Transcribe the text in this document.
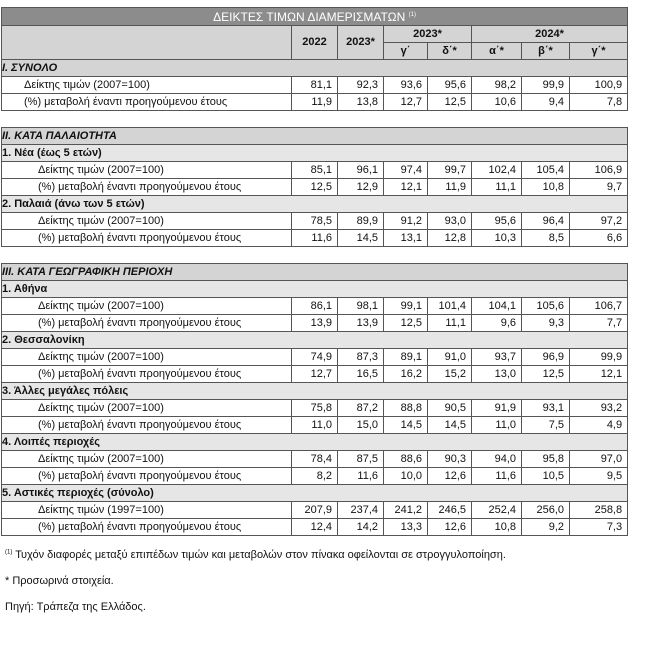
ΔΕΙΚΤΕΣ ΤΙΜΩΝ ΔΙΑΜΕΡΙΣΜΑΤΩΝ $^{(1)}$
	2022	2023*	2023*		2024*		
			γ΄	δ΄*	α΄*	β΄*	γ΄*
I. ΣΥΝΟΛΟ							
Δείκτης τιμών (2007=100)	81,1	92,3	93,6	95,6	98,2	99,9	100,9
(%) μεταβολή έναντι προηγούμενου έτους	11,9	13,8	12,7	12,5	10,6	9,4	7,8

II. ΚΑΤΑ ΠΑΛΑΙΟΤΗΤΑ							
1. Νέα (έως 5 ετών)							
Δείκτης τιμών (2007=100)	85,1	96,1	97,4	99,7	102,4	105,4	106,9
(%) μεταβολή έναντι προηγούμενου έτους	12,5	12,9	12,1	11,9	11,1	10,8	9,7
2. Παλαιά (άνω των 5 ετών)							
Δείκτης τιμών (2007=100)	78,5	89,9	91,2	93,0	95,6	96,4	97,2
(%) μεταβολή έναντι προηγούμενου έτους	11,6	14,5	13,1	12,8	10,3	8,5	6,6

III. ΚΑΤΑ ΓΕΩΓΡΑΦΙΚΗ ΠΕΡΙΟΧΗ							
1. Αθήνα							
Δείκτης τιμών (2007=100)	86,1	98,1	99,1	101,4	104,1	105,6	106,7
(%) μεταβολή έναντι προηγούμενου έτους	13,9	13,9	12,5	11,1	9,6	9,3	7,7
2. Θεσσαλονίκη							
Δείκτης τιμών (2007=100)	74,9	87,3	89,1	91,0	93,7	96,9	99,9
(%) μεταβολή έναντι προηγούμενου έτους	12,7	16,5	16,2	15,2	13,0	12,5	12,1
3. Άλλες μεγάλες πόλεις							
Δείκτης τιμών (2007=100)	75,8	87,2	88,8	90,5	91,9	93,1	93,2
(%) μεταβολή έναντι προηγούμενου έτους	11,0	15,0	14,5	14,5	11,0	7,5	4,9
4. Λοιπές περιοχές							
Δείκτης τιμών (2007=100)	78,4	87,5	88,6	90,3	94,0	95,8	97,0
(%) μεταβολή έναντι προηγούμενου έτους	8,2	11,6	10,0	12,6	11,6	10,5	9,5
5. Αστικές περιοχές (σύνολο)							
Δείκτης τιμών (1997=100)	207,9	237,4	241,2	246,5	252,4	256,0	258,8
(%) μεταβολή έναντι προηγούμενου έτους	12,4	14,2	13,3	12,6	10,8	9,2	7,3

$^{(1)}$ Τυχόν διαφορές μεταξύ επιπέδων τιμών και μεταβολών στον πίνακα οφείλονται σε στρογγυλοποίηση.

* Προσωρινά στοιχεία.

Πηγή: Τράπεζα της Ελλάδος.
